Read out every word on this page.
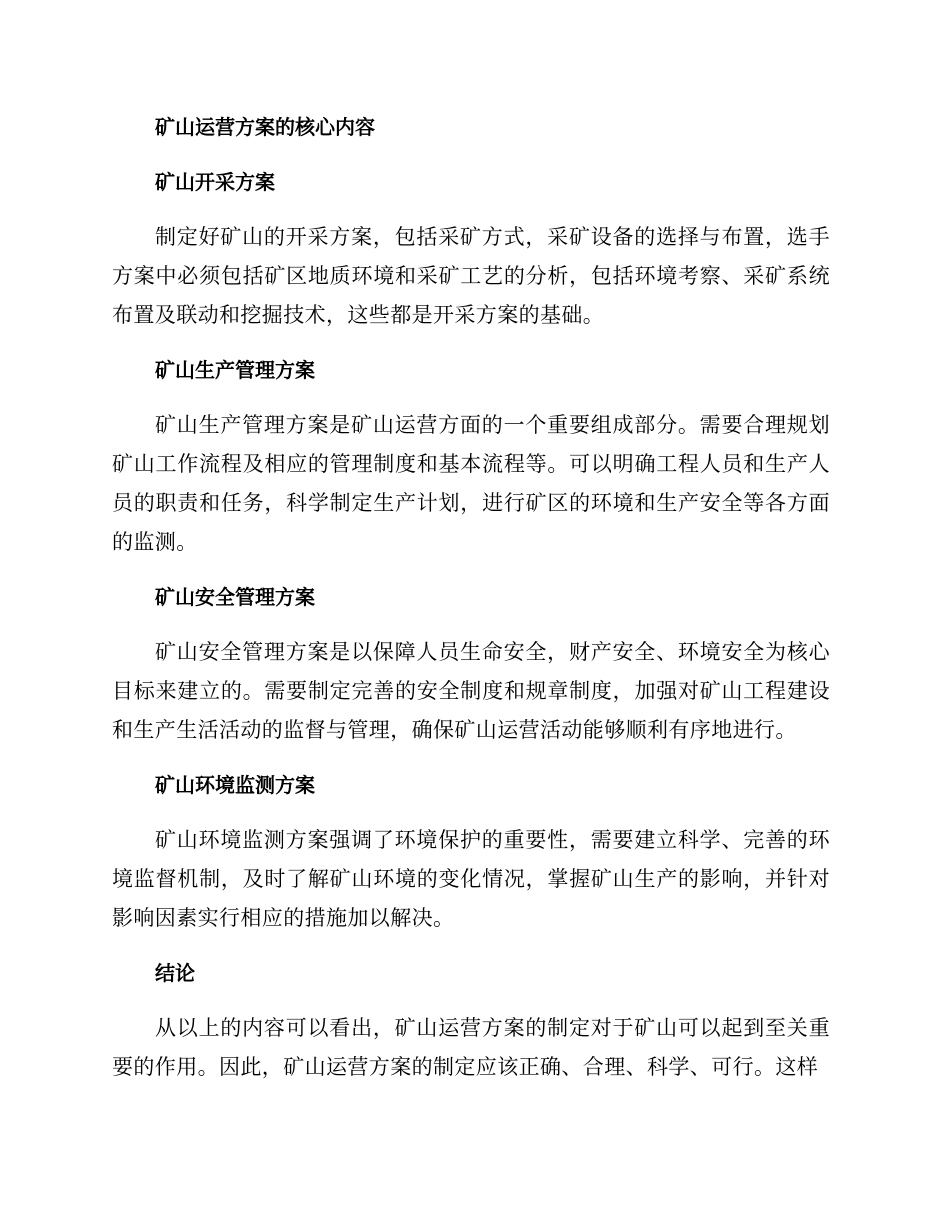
矿山运营方案的核心内容
矿山开采方案
制定好矿山的开采方案，包括采矿方式，采矿设备的选择与布置，选手方案中必须包括矿区地质环境和采矿工艺的分析，包括环境考察、采矿系统布置及联动和挖掘技术，这些都是开采方案的基础。
矿山生产管理方案
矿山生产管理方案是矿山运营方面的一个重要组成部分。需要合理规划矿山工作流程及相应的管理制度和基本流程等。可以明确工程人员和生产人员的职责和任务，科学制定生产计划，进行矿区的环境和生产安全等各方面的监测。
矿山安全管理方案
矿山安全管理方案是以保障人员生命安全，财产安全、环境安全为核心目标来建立的。需要制定完善的安全制度和规章制度，加强对矿山工程建设和生产生活活动的监督与管理，确保矿山运营活动能够顺利有序地进行。
矿山环境监测方案
矿山环境监测方案强调了环境保护的重要性，需要建立科学、完善的环境监督机制，及时了解矿山环境的变化情况，掌握矿山生产的影响，并针对影响因素实行相应的措施加以解决。
结论
从以上的内容可以看出，矿山运营方案的制定对于矿山可以起到至关重要的作用。因此，矿山运营方案的制定应该正确、合理、科学、可行。这样
